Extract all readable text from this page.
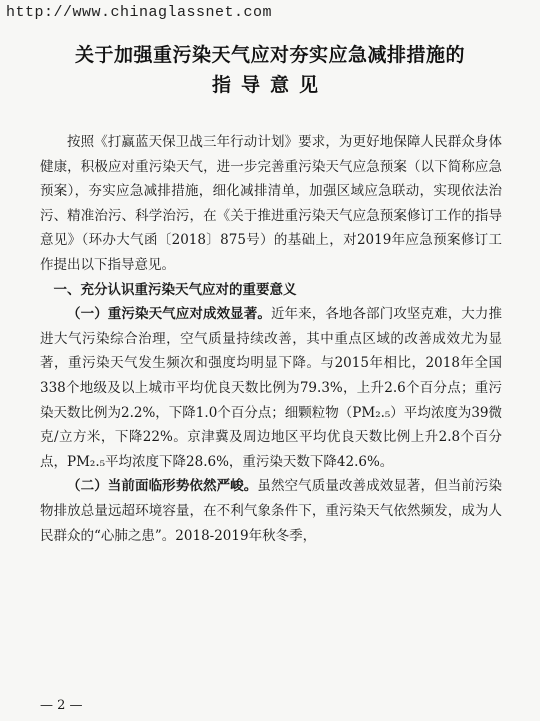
http://www.chinaglassnet.com
关于加强重污染天气应对夯实应急减排措施的
指导意见

按照《打赢蓝天保卫战三年行动计划》要求，为更好地保障人民群众身体健康，积极应对重污染天气，进一步完善重污染天气应急预案（以下简称应急预案），夯实应急减排措施，细化减排清单，加强区域应急联动，实现依法治污、精准治污、科学治污，在《关于推进重污染天气应急预案修订工作的指导意见》（环办大气函〔2018〕875号）的基础上，对2019年应急预案修订工作提出以下指导意见。

一、充分认识重污染天气应对的重要意义

（一）重污染天气应对成效显著。近年来，各地各部门攻坚克难，大力推进大气污染综合治理，空气质量持续改善，其中重点区域的改善成效尤为显著，重污染天气发生频次和强度均明显下降。与2015年相比，2018年全国338个地级及以上城市平均优良天数比例为79.3%，上升2.6个百分点；重污染天数比例为2.2%，下降1.0个百分点；细颗粒物（PM₂.₅）平均浓度为39微克/立方米，下降22%。京津冀及周边地区平均优良天数比例上升2.8个百分点，PM₂.₅平均浓度下降28.6%，重污染天数下降42.6%。

（二）当前面临形势依然严峻。虽然空气质量改善成效显著，但当前污染物排放总量远超环境容量，在不利气象条件下，重污染天气依然频发，成为人民群众的“心肺之患”。2018-2019年秋冬季，

— 2 —
